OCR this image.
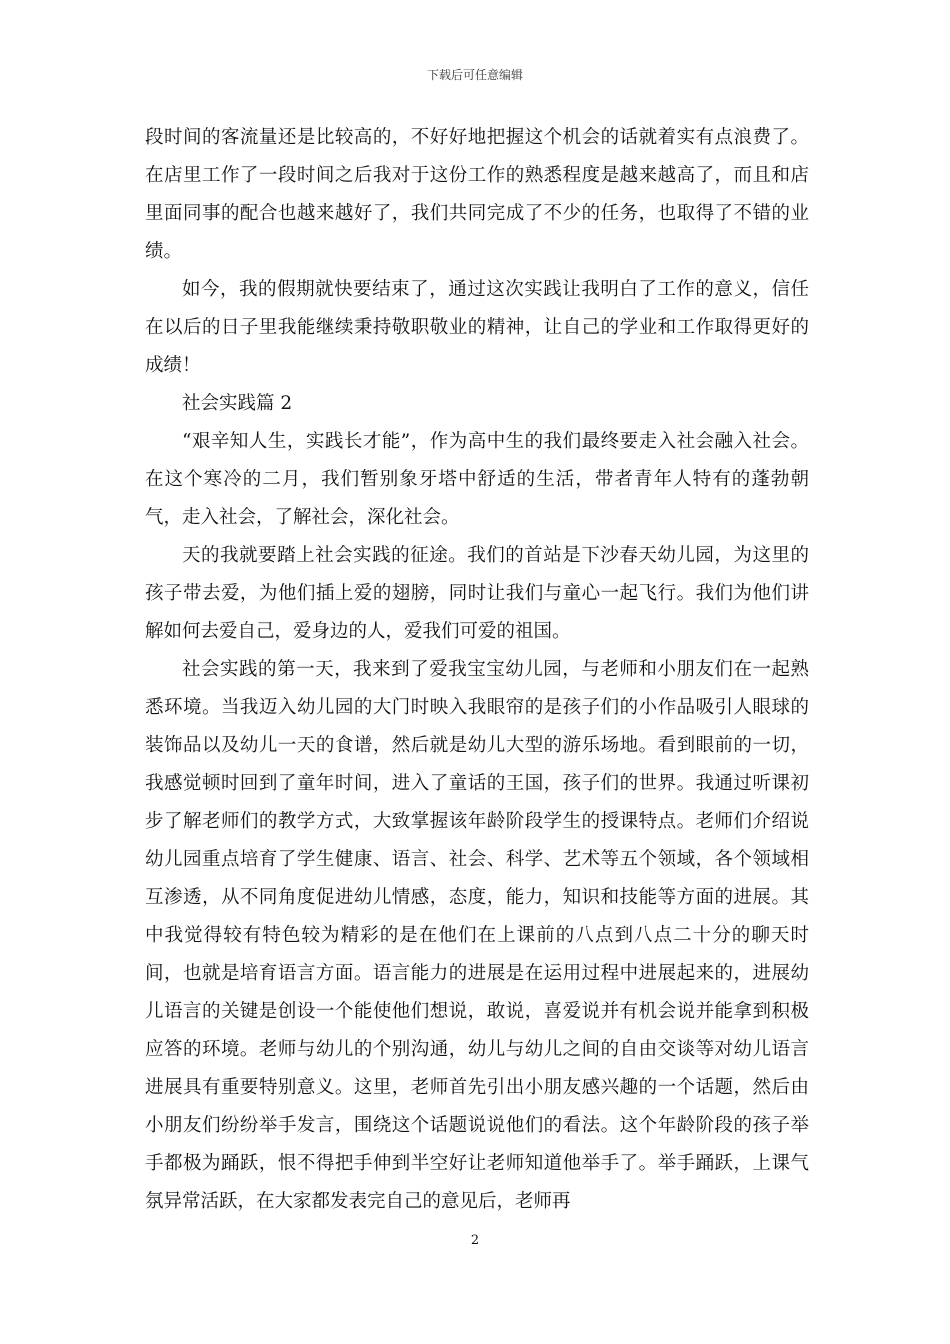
下载后可任意编辑

段时间的客流量还是比较高的，不好好地把握这个机会的话就着实有点浪费了。在店里工作了一段时间之后我对于这份工作的熟悉程度是越来越高了，而且和店里面同事的配合也越来越好了，我们共同完成了不少的任务，也取得了不错的业绩。

如今，我的假期就快要结束了，通过这次实践让我明白了工作的意义，信任在以后的日子里我能继续秉持敬职敬业的精神，让自己的学业和工作取得更好的成绩！

社会实践篇 2

“艰辛知人生，实践长才能”，作为高中生的我们最终要走入社会融入社会。在这个寒冷的二月，我们暂别象牙塔中舒适的生活，带者青年人特有的蓬勃朝气，走入社会，了解社会，深化社会。

天的我就要踏上社会实践的征途。我们的首站是下沙春天幼儿园，为这里的孩子带去爱，为他们插上爱的翅膀，同时让我们与童心一起飞行。我们为他们讲解如何去爱自己，爱身边的人，爱我们可爱的祖国。

社会实践的第一天，我来到了爱我宝宝幼儿园，与老师和小朋友们在一起熟悉环境。当我迈入幼儿园的大门时映入我眼帘的是孩子们的小作品吸引人眼球的装饰品以及幼儿一天的食谱，然后就是幼儿大型的游乐场地。看到眼前的一切，我感觉顿时回到了童年时间，进入了童话的王国，孩子们的世界。我通过听课初步了解老师们的教学方式，大致掌握该年龄阶段学生的授课特点。老师们介绍说幼儿园重点培育了学生健康、语言、社会、科学、艺术等五个领域，各个领域相互渗透，从不同角度促进幼儿情感，态度，能力，知识和技能等方面的进展。其中我觉得较有特色较为精彩的是在他们在上课前的八点到八点二十分的聊天时间，也就是培育语言方面。语言能力的进展是在运用过程中进展起来的，进展幼儿语言的关键是创设一个能使他们想说，敢说，喜爱说并有机会说并能拿到积极应答的环境。老师与幼儿的个别沟通，幼儿与幼儿之间的自由交谈等对幼儿语言进展具有重要特别意义。这里，老师首先引出小朋友感兴趣的一个话题，然后由小朋友们纷纷举手发言，围绕这个话题说说他们的看法。这个年龄阶段的孩子举手都极为踊跃，恨不得把手伸到半空好让老师知道他举手了。举手踊跃，上课气氛异常活跃，在大家都发表完自己的意见后，老师再

2
